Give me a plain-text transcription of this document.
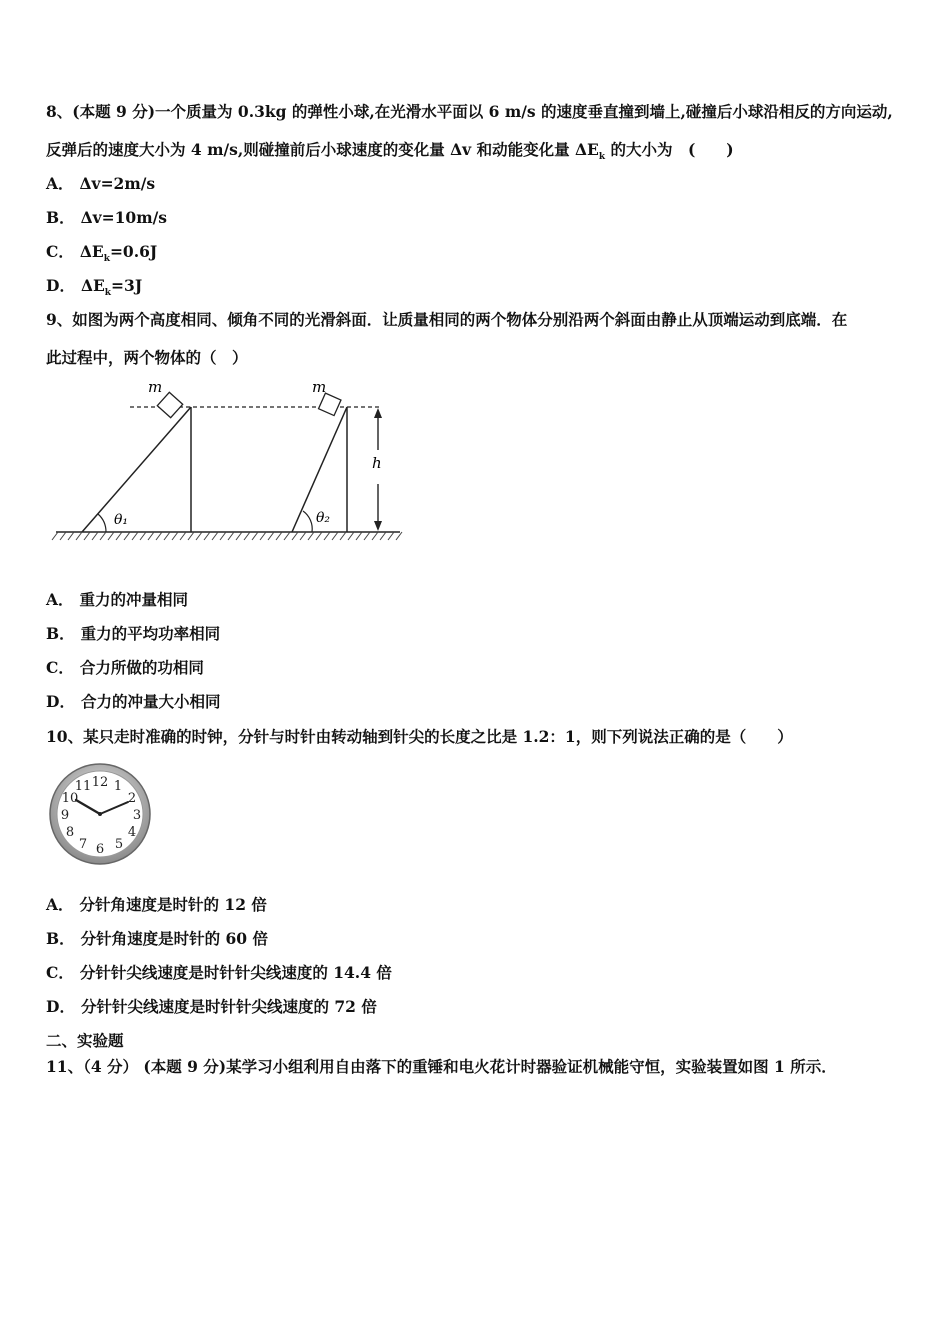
8、(本题 9 分)一个质量为 0.3kg 的弹性小球,在光滑水平面以 6 m/s 的速度垂直撞到墙上,碰撞后小球沿相反的方向运动,
反弹后的速度大小为 4 m/s,则碰撞前后小球速度的变化量 Δv 和动能变化量 $\Delta E_k$ 的大小为　(　　)
A． Δv=2m/s
B． Δv=10m/s
C． $\Delta E_k=0.6J$
D． $\Delta E_k=3J$
9、如图为两个高度相同、倾角不同的光滑斜面．让质量相同的两个物体分别沿两个斜面由静止从顶端运动到底端．在
此过程中，两个物体的（　）
m
θ₁
m
θ₂
h
A． 重力的冲量相同
B． 重力的平均功率相同
C． 合力所做的功相同
D． 合力的冲量大小相同
10、某只走时准确的时钟，分针与时针由转动轴到针尖的长度之比是 1.2：1，则下列说法正确的是（　　）
12 1
2
3
4
5
6
7
8
9
10
11
A． 分针角速度是时针的 12 倍
B． 分针角速度是时针的 60 倍
C． 分针针尖线速度是时针针尖线速度的 14.4 倍
D． 分针针尖线速度是时针针尖线速度的 72 倍
二、实验题
11、（4 分） (本题 9 分)某学习小组利用自由落下的重锤和电火花计时器验证机械能守恒，实验装置如图 1 所示．
